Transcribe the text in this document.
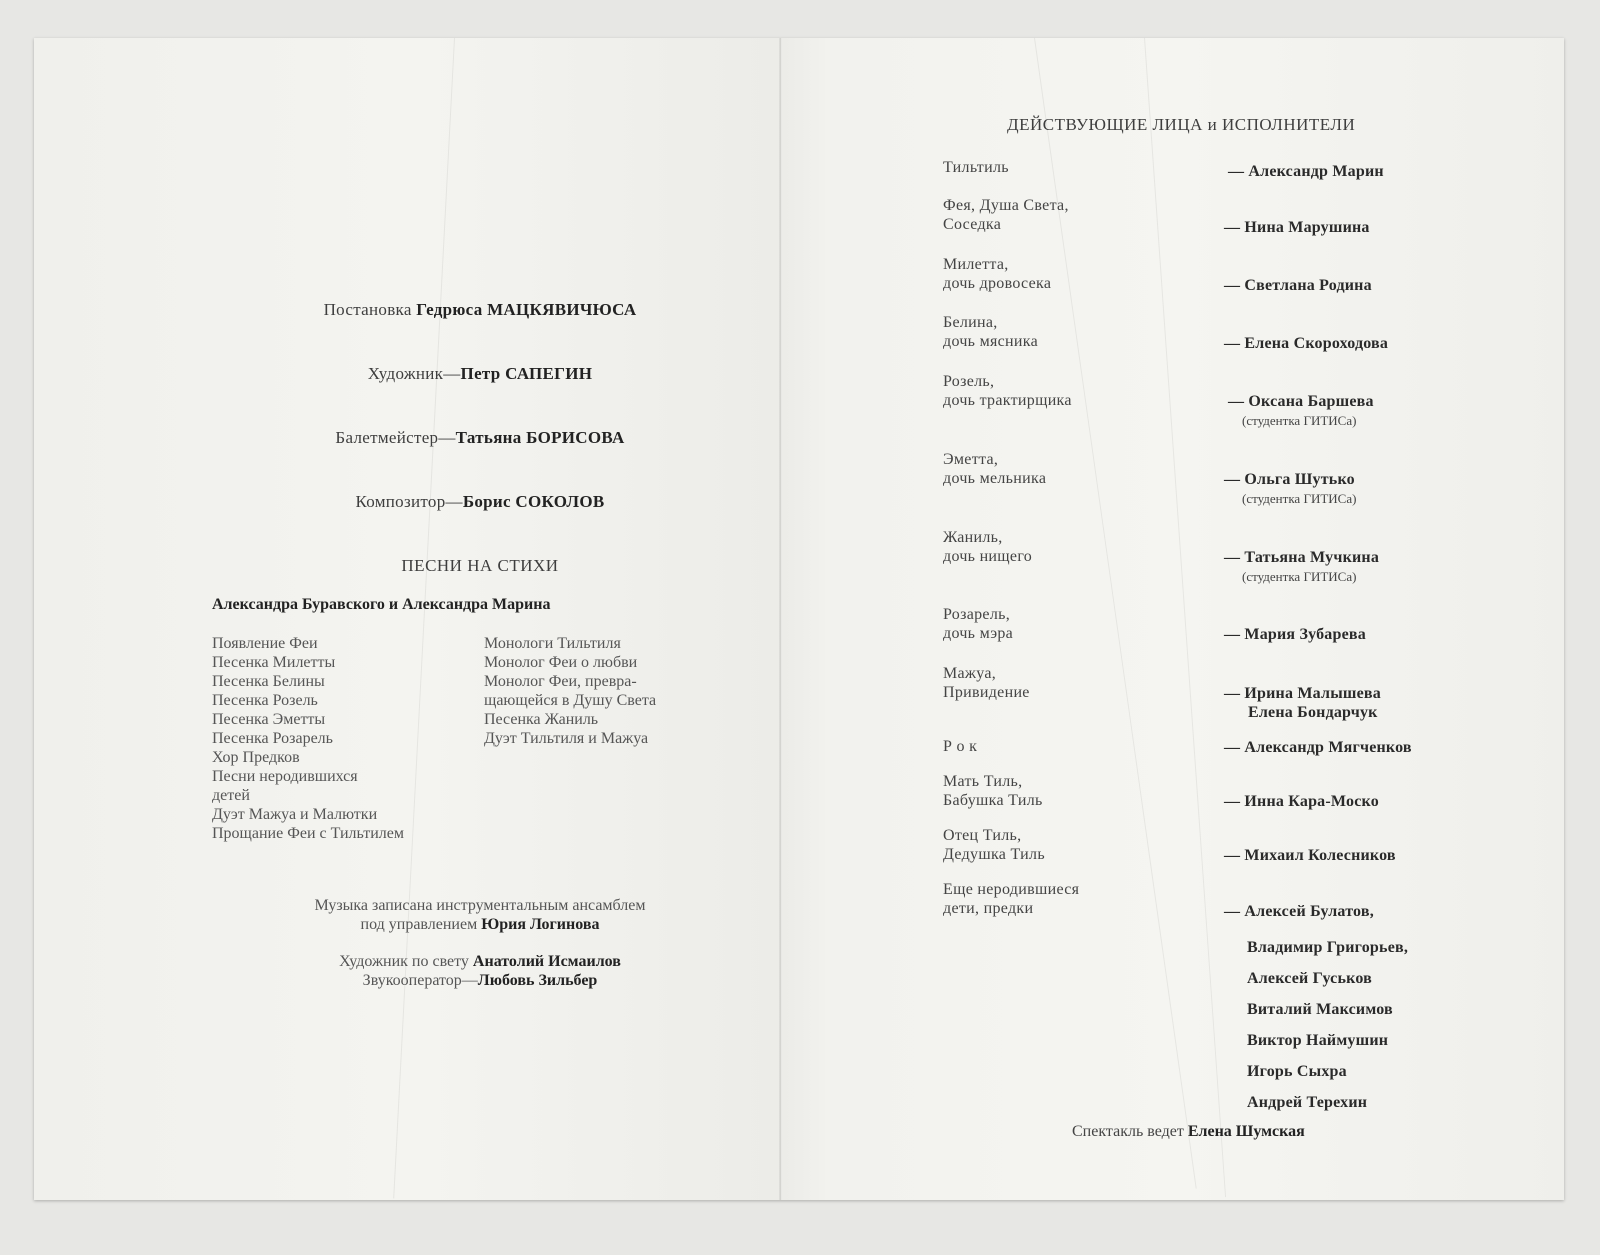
Постановка Гедрюса МАЦКЯВИЧЮСА
Художник—Петр САПЕГИН
Балетмейстер—Татьяна БОРИСОВА
Композитор—Борис СОКОЛОВ
ПЕСНИ НА СТИХИ
Александра Буравского и Александра Марина
Появление Феи
Песенка Милетты
Песенка Белины
Песенка Розель
Песенка Эметты
Песенка Розарель
Хор Предков
Песни неродившихся
детей
Дуэт Мажуа и Малютки
Прощание Феи с Тильтилем
Монологи Тильтиля
Монолог Феи о любви
Монолог Феи, превра-
щающейся в Душу Света
Песенка Жаниль
Дуэт Тильтиля и Мажуа
Музыка записана инструментальным ансамблем
под управлением Юрия Логинова
Художник по свету Анатолий Исмаилов
Звукооператор—Любовь Зильбер
ДЕЙСТВУЮЩИЕ ЛИЦА и ИСПОЛНИТЕЛИ
Тильтиль	— Александр Марин
Фея, Душа Света,
Соседка	— Нина Марушина
Милетта,
дочь дровосека	— Светлана Родина
Белина,
дочь мясника	— Елена Скороходова
Розель,
дочь трактирщика	— Оксана Баршева
(студентка ГИТИСа)
Эметта,
дочь мельника	— Ольга Шутько
(студентка ГИТИСа)
Жаниль,
дочь нищего	— Татьяна Мучкина
(студентка ГИТИСа)
Розарель,
дочь мэра	— Мария Зубарева
Мажуа,
Привидение	— Ирина Малышева
Елена Бондарчук
Р о к	— Александр Мягченков
Мать Тиль,
Бабушка Тиль	— Инна Кара-Моско
Отец Тиль,
Дедушка Тиль	— Михаил Колесников
Еще неродившиеся
дети, предки	— Алексей Булатов,
Владимир Григорьев,
Алексей Гуськов
Виталий Максимов
Виктор Наймушин
Игорь Сыхра
Андрей Терехин
Спектакль ведет Елена Шумская
